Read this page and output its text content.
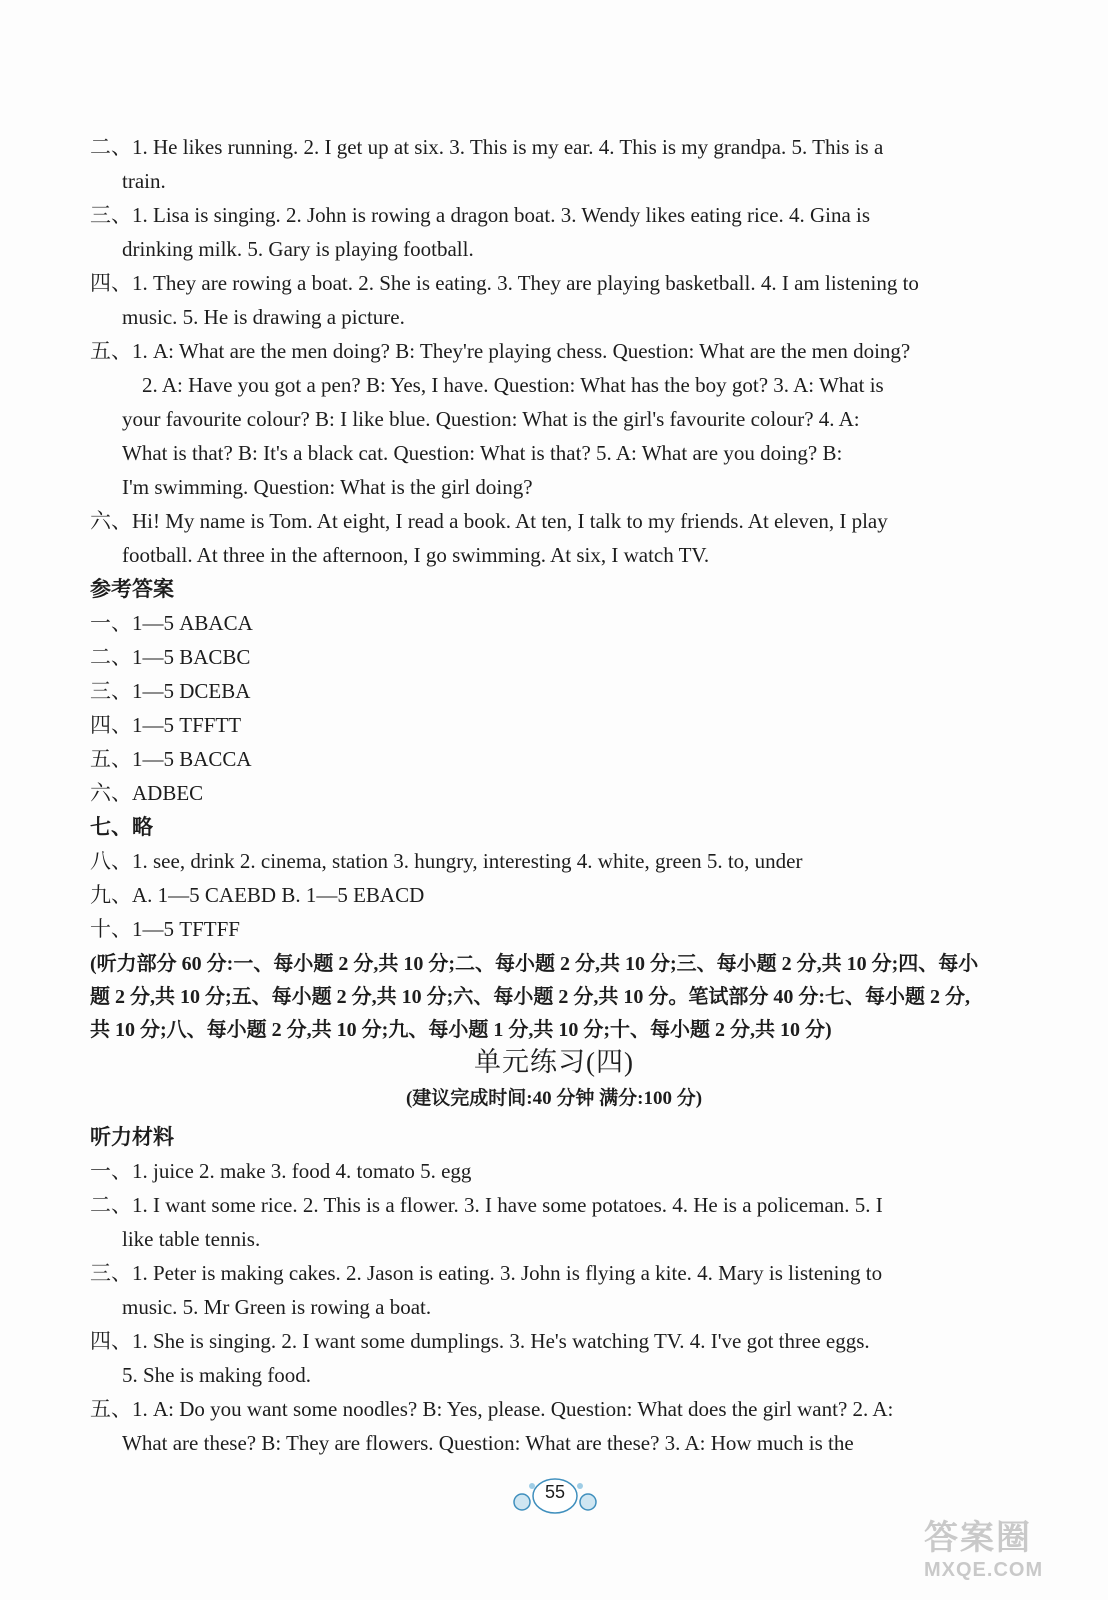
二、1. He likes running. 2. I get up at six. 3. This is my ear. 4. This is my grandpa. 5. This is a
train.
三、1. Lisa is singing. 2. John is rowing a dragon boat. 3. Wendy likes eating rice. 4. Gina is
drinking milk. 5. Gary is playing football.
四、1. They are rowing a boat. 2. She is eating. 3. They are playing basketball. 4. I am listening to
music. 5. He is drawing a picture.
五、1. A: What are the men doing? B: They're playing chess. Question: What are the men doing?
2. A: Have you got a pen? B: Yes, I have. Question: What has the boy got? 3. A: What is
your favourite colour? B: I like blue. Question: What is the girl's favourite colour? 4. A:
What is that? B: It's a black cat. Question: What is that? 5. A: What are you doing? B:
I'm swimming. Question: What is the girl doing?
六、Hi! My name is Tom. At eight, I read a book. At ten, I talk to my friends. At eleven, I play
football. At three in the afternoon, I go swimming. At six, I watch TV.
参考答案
一、1—5 ABACA
二、1—5 BACBC
三、1—5 DCEBA
四、1—5 TFFTT
五、1—5 BACCA
六、ADBEC
七、略
八、1. see, drink 2. cinema, station 3. hungry, interesting 4. white, green 5. to, under
九、A. 1—5 CAEBD B. 1—5 EBACD
十、1—5 TFTFF
(听力部分 60 分:一、每小题 2 分,共 10 分;二、每小题 2 分,共 10 分;三、每小题 2 分,共 10 分;四、每小
题 2 分,共 10 分;五、每小题 2 分,共 10 分;六、每小题 2 分,共 10 分。笔试部分 40 分:七、每小题 2 分,
共 10 分;八、每小题 2 分,共 10 分;九、每小题 1 分,共 10 分;十、每小题 2 分,共 10 分)
单元练习(四)
(建议完成时间:40 分钟 满分:100 分)
听力材料
一、1. juice 2. make 3. food 4. tomato 5. egg
二、1. I want some rice. 2. This is a flower. 3. I have some potatoes. 4. He is a policeman. 5. I
like table tennis.
三、1. Peter is making cakes. 2. Jason is eating. 3. John is flying a kite. 4. Mary is listening to
music. 5. Mr Green is rowing a boat.
四、1. She is singing. 2. I want some dumplings. 3. He's watching TV. 4. I've got three eggs.
5. She is making food.
五、1. A: Do you want some noodles? B: Yes, please. Question: What does the girl want? 2. A:
What are these? B: They are flowers. Question: What are these? 3. A: How much is the
55
答案圈
MXQE.COM
